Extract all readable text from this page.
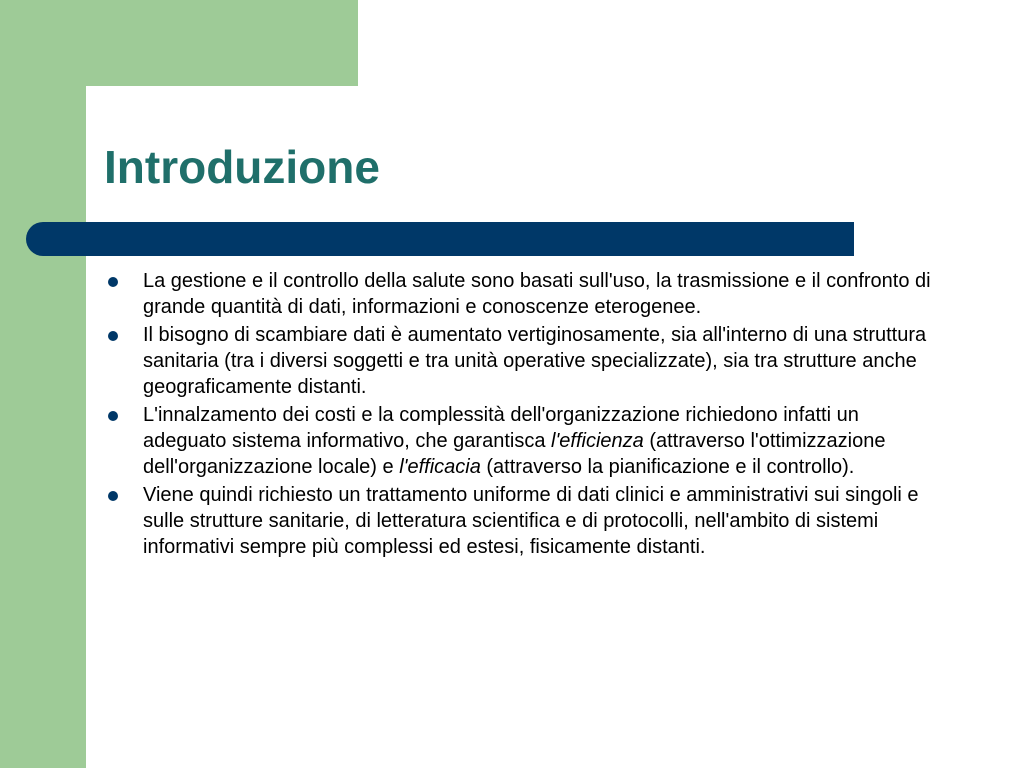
Introduzione
La gestione e il controllo della salute sono basati sull'uso, la trasmissione e il confronto di grande quantità di dati, informazioni e conoscenze eterogenee.
Il bisogno di scambiare dati è aumentato vertiginosamente, sia all'interno di una struttura sanitaria (tra i diversi soggetti e tra unità operative specializzate), sia tra strutture anche geograficamente distanti.
L'innalzamento dei costi e la complessità dell'organizzazione richiedono infatti un adeguato sistema informativo, che garantisca l'efficienza (attraverso l'ottimizzazione dell'organizzazione locale) e l'efficacia (attraverso la pianificazione e il controllo).
Viene quindi richiesto un trattamento uniforme di dati clinici e amministrativi sui singoli e sulle strutture sanitarie, di letteratura scientifica e di protocolli, nell'ambito di sistemi informativi sempre più complessi ed estesi, fisicamente distanti.
